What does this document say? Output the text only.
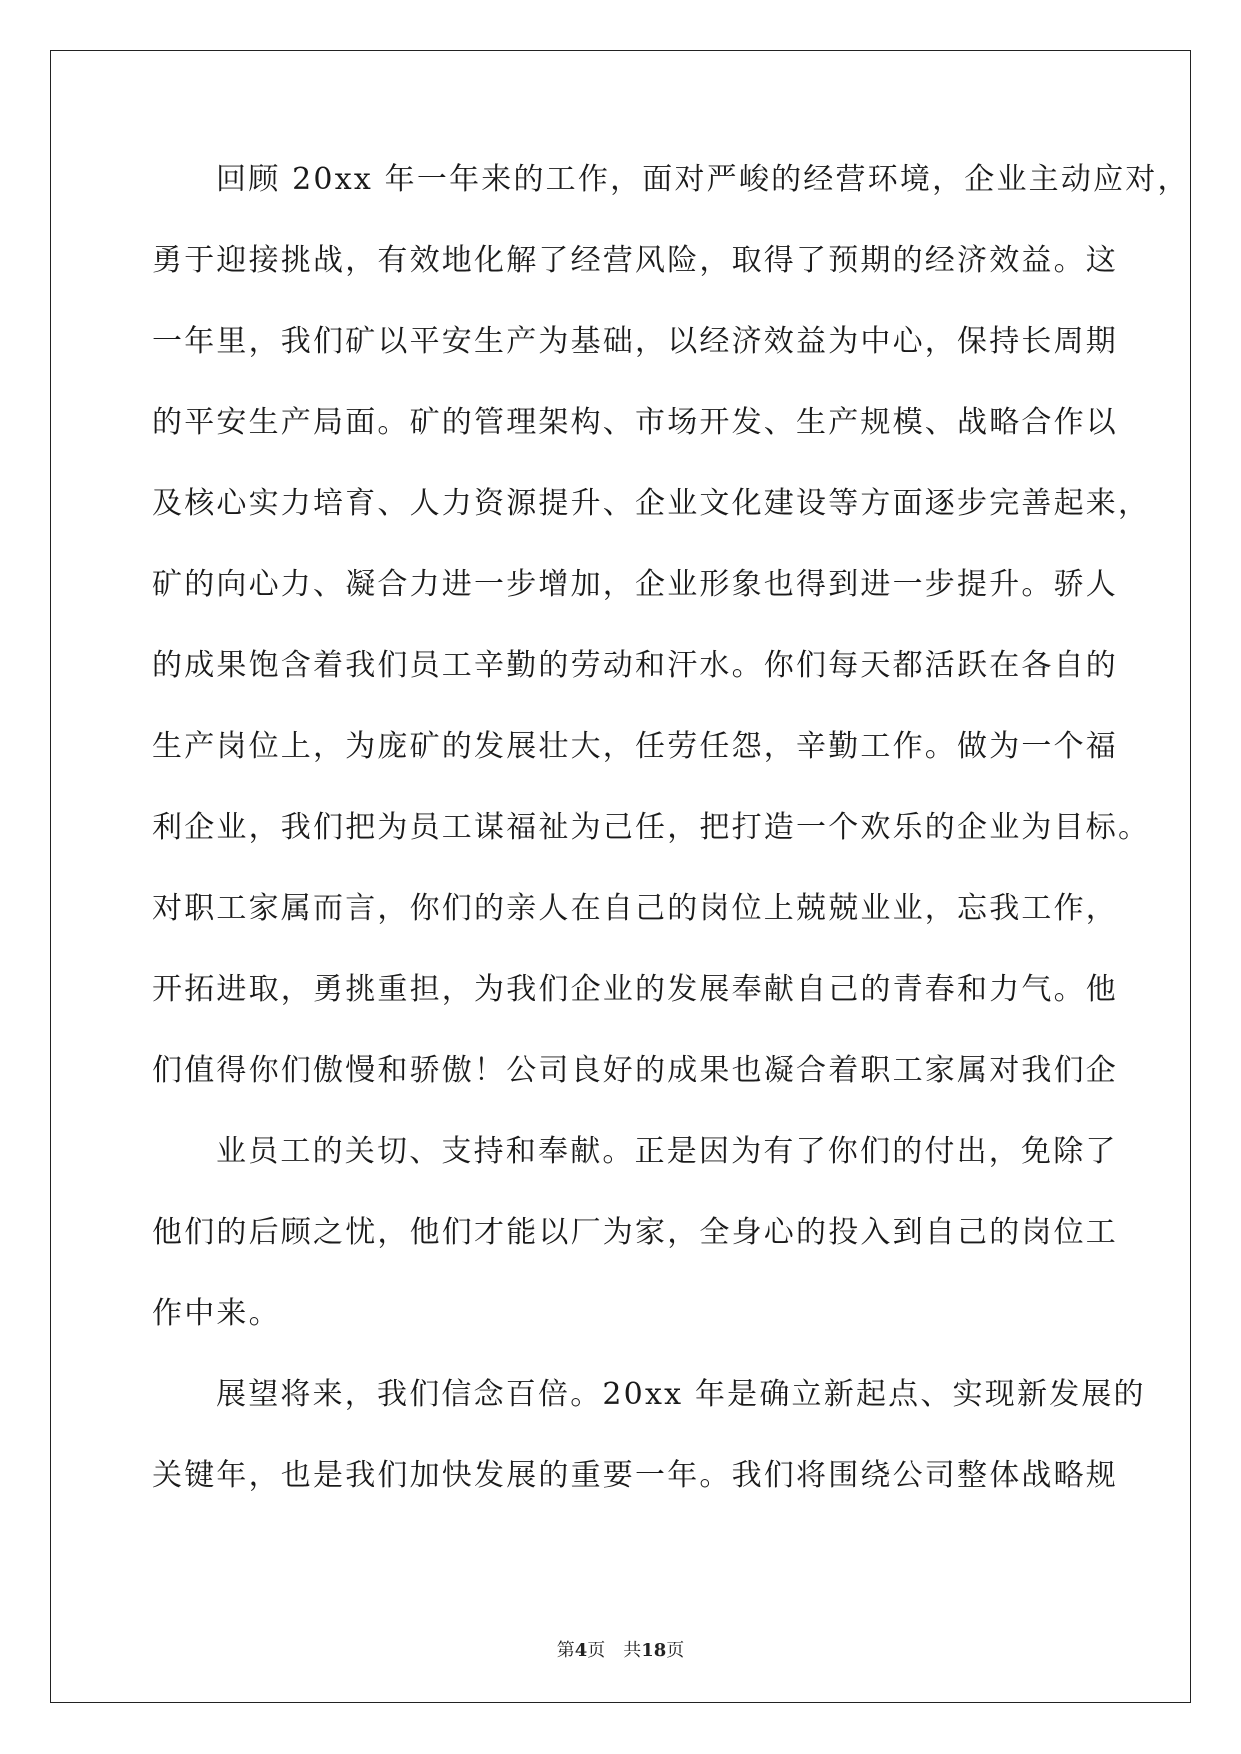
回顾 20xx 年一年来的工作，面对严峻的经营环境，企业主动应对，
勇于迎接挑战，有效地化解了经营风险，取得了预期的经济效益。这
一年里，我们矿以平安生产为基础，以经济效益为中心，保持长周期
的平安生产局面。矿的管理架构、市场开发、生产规模、战略合作以
及核心实力培育、人力资源提升、企业文化建设等方面逐步完善起来，
矿的向心力、凝合力进一步增加，企业形象也得到进一步提升。骄人
的成果饱含着我们员工辛勤的劳动和汗水。你们每天都活跃在各自的
生产岗位上，为庞矿的发展壮大，任劳任怨，辛勤工作。做为一个福
利企业，我们把为员工谋福祉为己任，把打造一个欢乐的企业为目标。
对职工家属而言，你们的亲人在自己的岗位上兢兢业业，忘我工作，
开拓进取，勇挑重担，为我们企业的发展奉献自己的青春和力气。他
们值得你们傲慢和骄傲！公司良好的成果也凝合着职工家属对我们企
业员工的关切、支持和奉献。正是因为有了你们的付出，免除了
他们的后顾之忧，他们才能以厂为家，全身心的投入到自己的岗位工
作中来。
展望将来，我们信念百倍。20xx 年是确立新起点、实现新发展的
关键年，也是我们加快发展的重要一年。我们将围绕公司整体战略规
第4页 共18页
